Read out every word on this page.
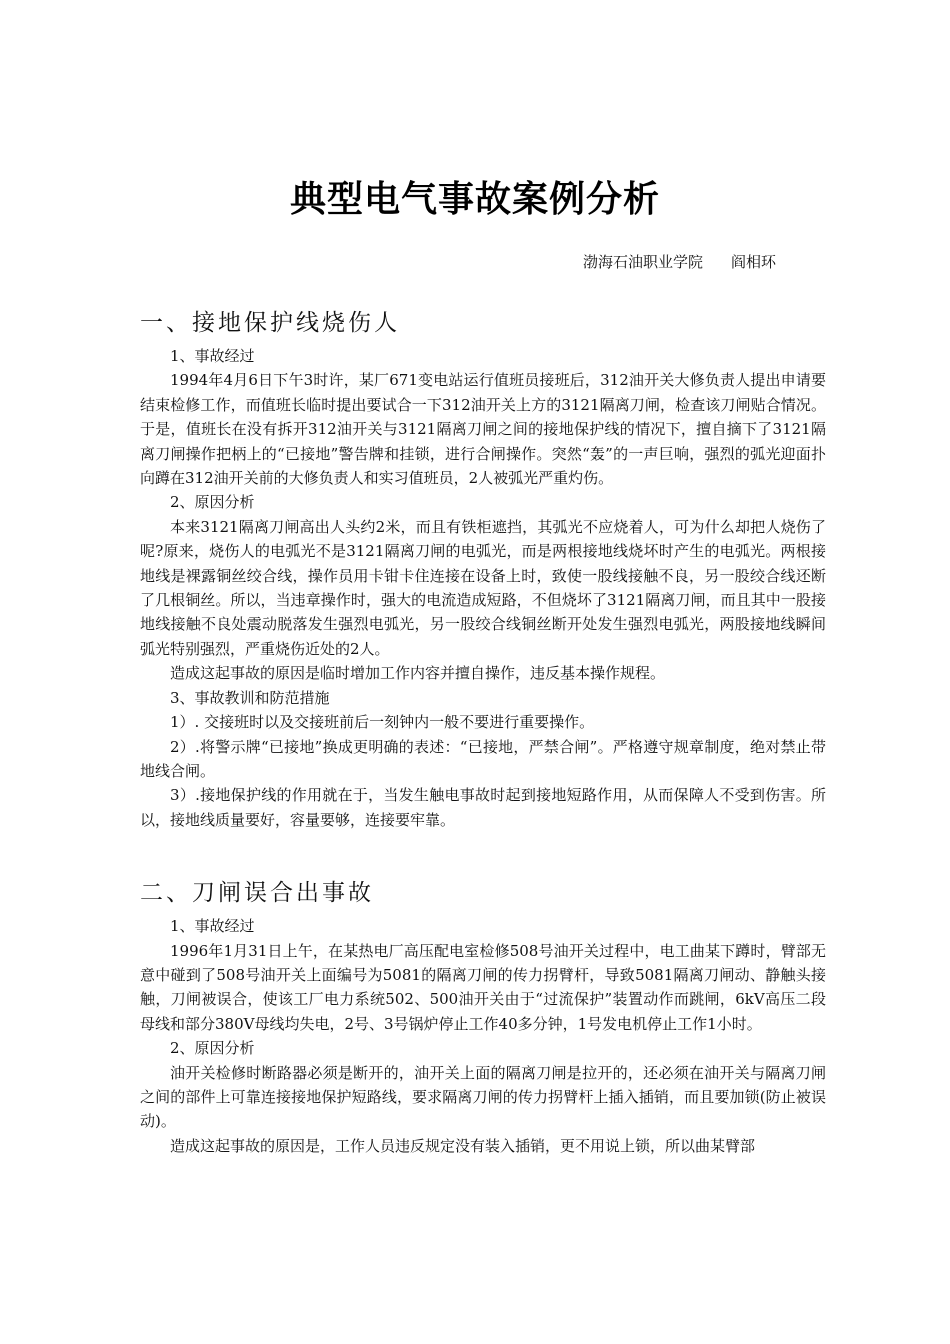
典型电气事故案例分析
渤海石油职业学院 阎相环
一、接地保护线烧伤人

1、事故经过

1994年4月6日下午3时许，某厂671变电站运行值班员接班后，312油开关大修负责人提出申请要结束检修工作，而值班长临时提出要试合一下312油开关上方的3121隔离刀闸，检查该刀闸贴合情况。于是，值班长在没有拆开312油开关与3121隔离刀闸之间的接地保护线的情况下，擅自摘下了3121隔离刀闸操作把柄上的“已接地”警告牌和挂锁，进行合闸操作。突然“轰”的一声巨响，强烈的弧光迎面扑向蹲在312油开关前的大修负责人和实习值班员，2人被弧光严重灼伤。

2、原因分析

本来3121隔离刀闸高出人头约2米，而且有铁柜遮挡，其弧光不应烧着人，可为什么却把人烧伤了呢?原来，烧伤人的电弧光不是3121隔离刀闸的电弧光，而是两根接地线烧坏时产生的电弧光。两根接地线是裸露铜丝绞合线，操作员用卡钳卡住连接在设备上时，致使一股线接触不良，另一股绞合线还断了几根铜丝。所以，当违章操作时，强大的电流造成短路，不但烧坏了3121隔离刀闸，而且其中一股接地线接触不良处震动脱落发生强烈电弧光，另一股绞合线铜丝断开处发生强烈电弧光，两股接地线瞬间弧光特别强烈，严重烧伤近处的2人。

造成这起事故的原因是临时增加工作内容并擅自操作，违反基本操作规程。

3、事故教训和防范措施

1）. 交接班时以及交接班前后一刻钟内一般不要进行重要操作。

2）.将警示牌“已接地”换成更明确的表述：“已接地，严禁合闸”。严格遵守规章制度，绝对禁止带地线合闸。

3）.接地保护线的作用就在于，当发生触电事故时起到接地短路作用，从而保障人不受到伤害。所以，接地线质量要好，容量要够，连接要牢靠。

二、刀闸误合出事故

1、事故经过

1996年1月31日上午，在某热电厂高压配电室检修508号油开关过程中，电工曲某下蹲时，臂部无意中碰到了508号油开关上面编号为5081的隔离刀闸的传力拐臂杆，导致5081隔离刀闸动、静触头接触，刀闸被误合，使该工厂电力系统502、500油开关由于“过流保护”装置动作而跳闸，6kV高压二段母线和部分380V母线均失电，2号、3号锅炉停止工作40多分钟，1号发电机停止工作1小时。

2、原因分析

油开关检修时断路器必须是断开的，油开关上面的隔离刀闸是拉开的，还必须在油开关与隔离刀闸之间的部件上可靠连接接地保护短路线，要求隔离刀闸的传力拐臂杆上插入插销，而且要加锁(防止被误动)。

造成这起事故的原因是，工作人员违反规定没有装入插销，更不用说上锁，所以曲某臂部
